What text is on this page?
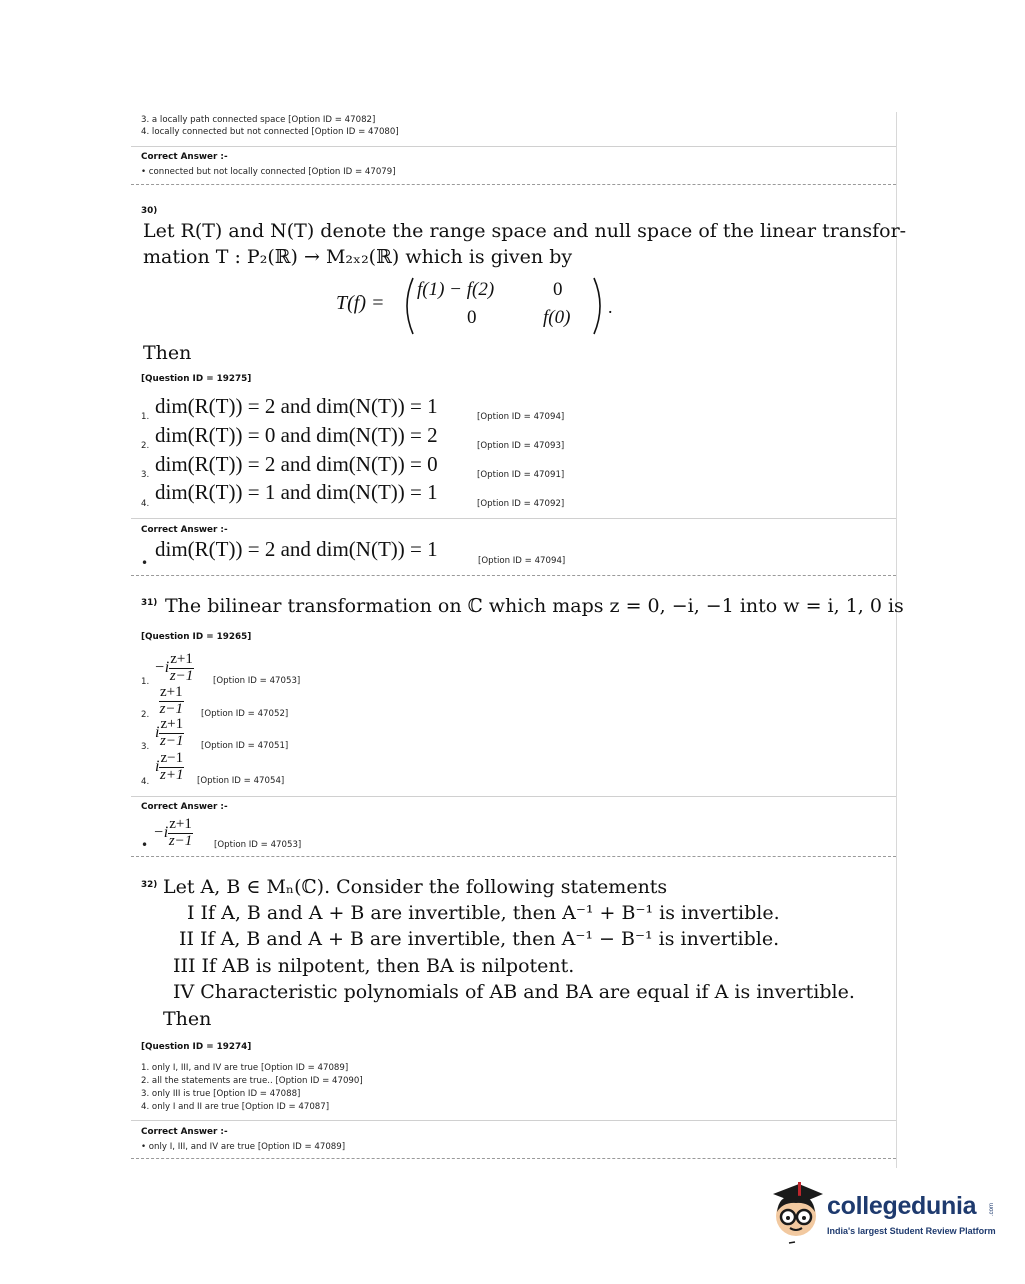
3. a locally path connected space [Option ID = 47082]
4. locally connected but not connected [Option ID = 47080]
Correct Answer :-
• connected but not locally connected [Option ID = 47079]
30)
Let R(T) and N(T) denote the range space and null space of the linear transfor-
mation T : P₂(ℝ) → M₂ₓ₂(ℝ) which is given by
T(f) =
f(1) − f(2)	0
0	f(0) .
Then
[Question ID = 19275]
1. dim(R(T)) = 2 and dim(N(T)) = 1	[Option ID = 47094]
2. dim(R(T)) = 0 and dim(N(T)) = 2	[Option ID = 47093]
3. dim(R(T)) = 2 and dim(N(T)) = 0	[Option ID = 47091]
4. dim(R(T)) = 1 and dim(N(T)) = 1	[Option ID = 47092]
Correct Answer :-
•
dim(R(T)) = 2 and dim(N(T)) = 1	[Option ID = 47094]
31) The bilinear transformation on ℂ which maps z = 0, −i, −1 into w = i, 1, 0 is
[Question ID = 19265]
1.
$-i \frac{z+1}{z-1}$ [Option ID = 47053]
2. $\frac{z+1}{z-1}$ [Option ID = 47052]
3.
i $\frac{z+1}{z-1}$ [Option ID = 47051]
4.
i $\frac{z-1}{z+1}$ [Option ID = 47054]
Correct Answer :-
•
$-i \frac{z+1}{z-1}$ [Option ID = 47053]
32) Let A, B ∈ Mₙ(ℂ). Consider the following statements
I If A, B and A + B are invertible, then A⁻¹ + B⁻¹ is invertible.
II If A, B and A + B are invertible, then A⁻¹ − B⁻¹ is invertible.
III If AB is nilpotent, then BA is nilpotent.
IV Characteristic polynomials of AB and BA are equal if A is invertible.
Then
[Question ID = 19274]
1. only I, III, and IV are true [Option ID = 47089]
2. all the statements are true.. [Option ID = 47090]
3. only III is true [Option ID = 47088]
4. only I and II are true [Option ID = 47087]
Correct Answer :-
• only I, III, and IV are true [Option ID = 47089]
collegedunia .com
India's largest Student Review Platform
